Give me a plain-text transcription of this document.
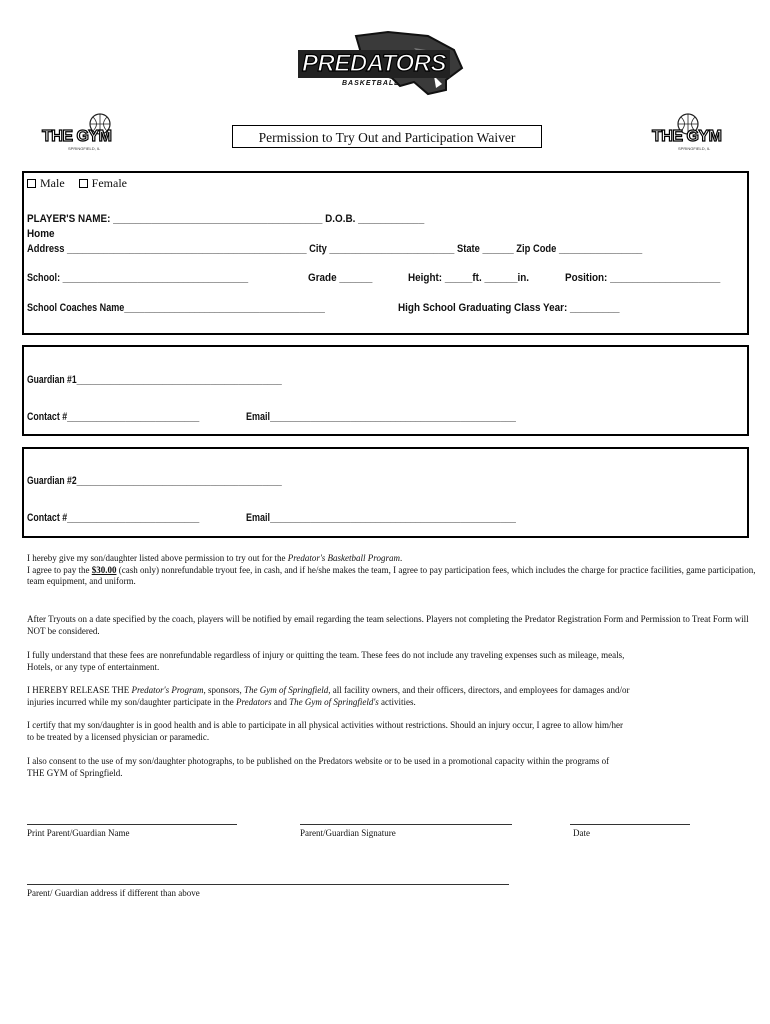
PREDATORS
BASKETBALL
THE GYM
SPRINGFIELD, IL
THE GYM
SPRINGFIELD, IL
Permission to Try Out and Participation Waiver
Male Female
PLAYER'S NAME: ______________________________________ D.O.B. ____________
Home
Address ______________________________________________ City ________________________ State ______ Zip Code ________________
School: _____________________________________	Grade ______	Height: _____ft. ______in.	Position: ____________________
School Coaches Name________________________________________	High School Graduating Class Year: _________
Guardian #1___________________________________________
Contact #___________________________	Email_________________________________________________
Guardian #2___________________________________________
Contact #___________________________	Email_________________________________________________
I hereby give my son/daughter listed above permission to try out for the Predator's Basketball Program.
I agree to pay the $30.00 (cash only) nonrefundable tryout fee, in cash, and if he/she makes the team, I agree to pay participation fees, which includes the charge for practice facilities, game participation,
team equipment, and uniform.
After Tryouts on a date specified by the coach, players will be notified by email regarding the team selections. Players not completing the Predator Registration Form and Permission to Treat Form will NOT be considered.
I fully understand that these fees are nonrefundable regardless of injury or quitting the team. These fees do not include any traveling expenses such as mileage, meals,
Hotels, or any type of entertainment.
I HEREBY RELEASE THE Predator's Program, sponsors, The Gym of Springfield, all facility owners, and their officers, directors, and employees for damages and/or
injuries incurred while my son/daughter participate in the Predators and The Gym of Springfield's activities.
I certify that my son/daughter is in good health and is able to participate in all physical activities without restrictions. Should an injury occur, I agree to allow him/her
to be treated by a licensed physician or paramedic.
I also consent to the use of my son/daughter photographs, to be published on the Predators website or to be used in a promotional capacity within the programs of
THE GYM of Springfield.
Print Parent/Guardian Name	Parent/Guardian Signature	Date
Parent/ Guardian address if different than above
